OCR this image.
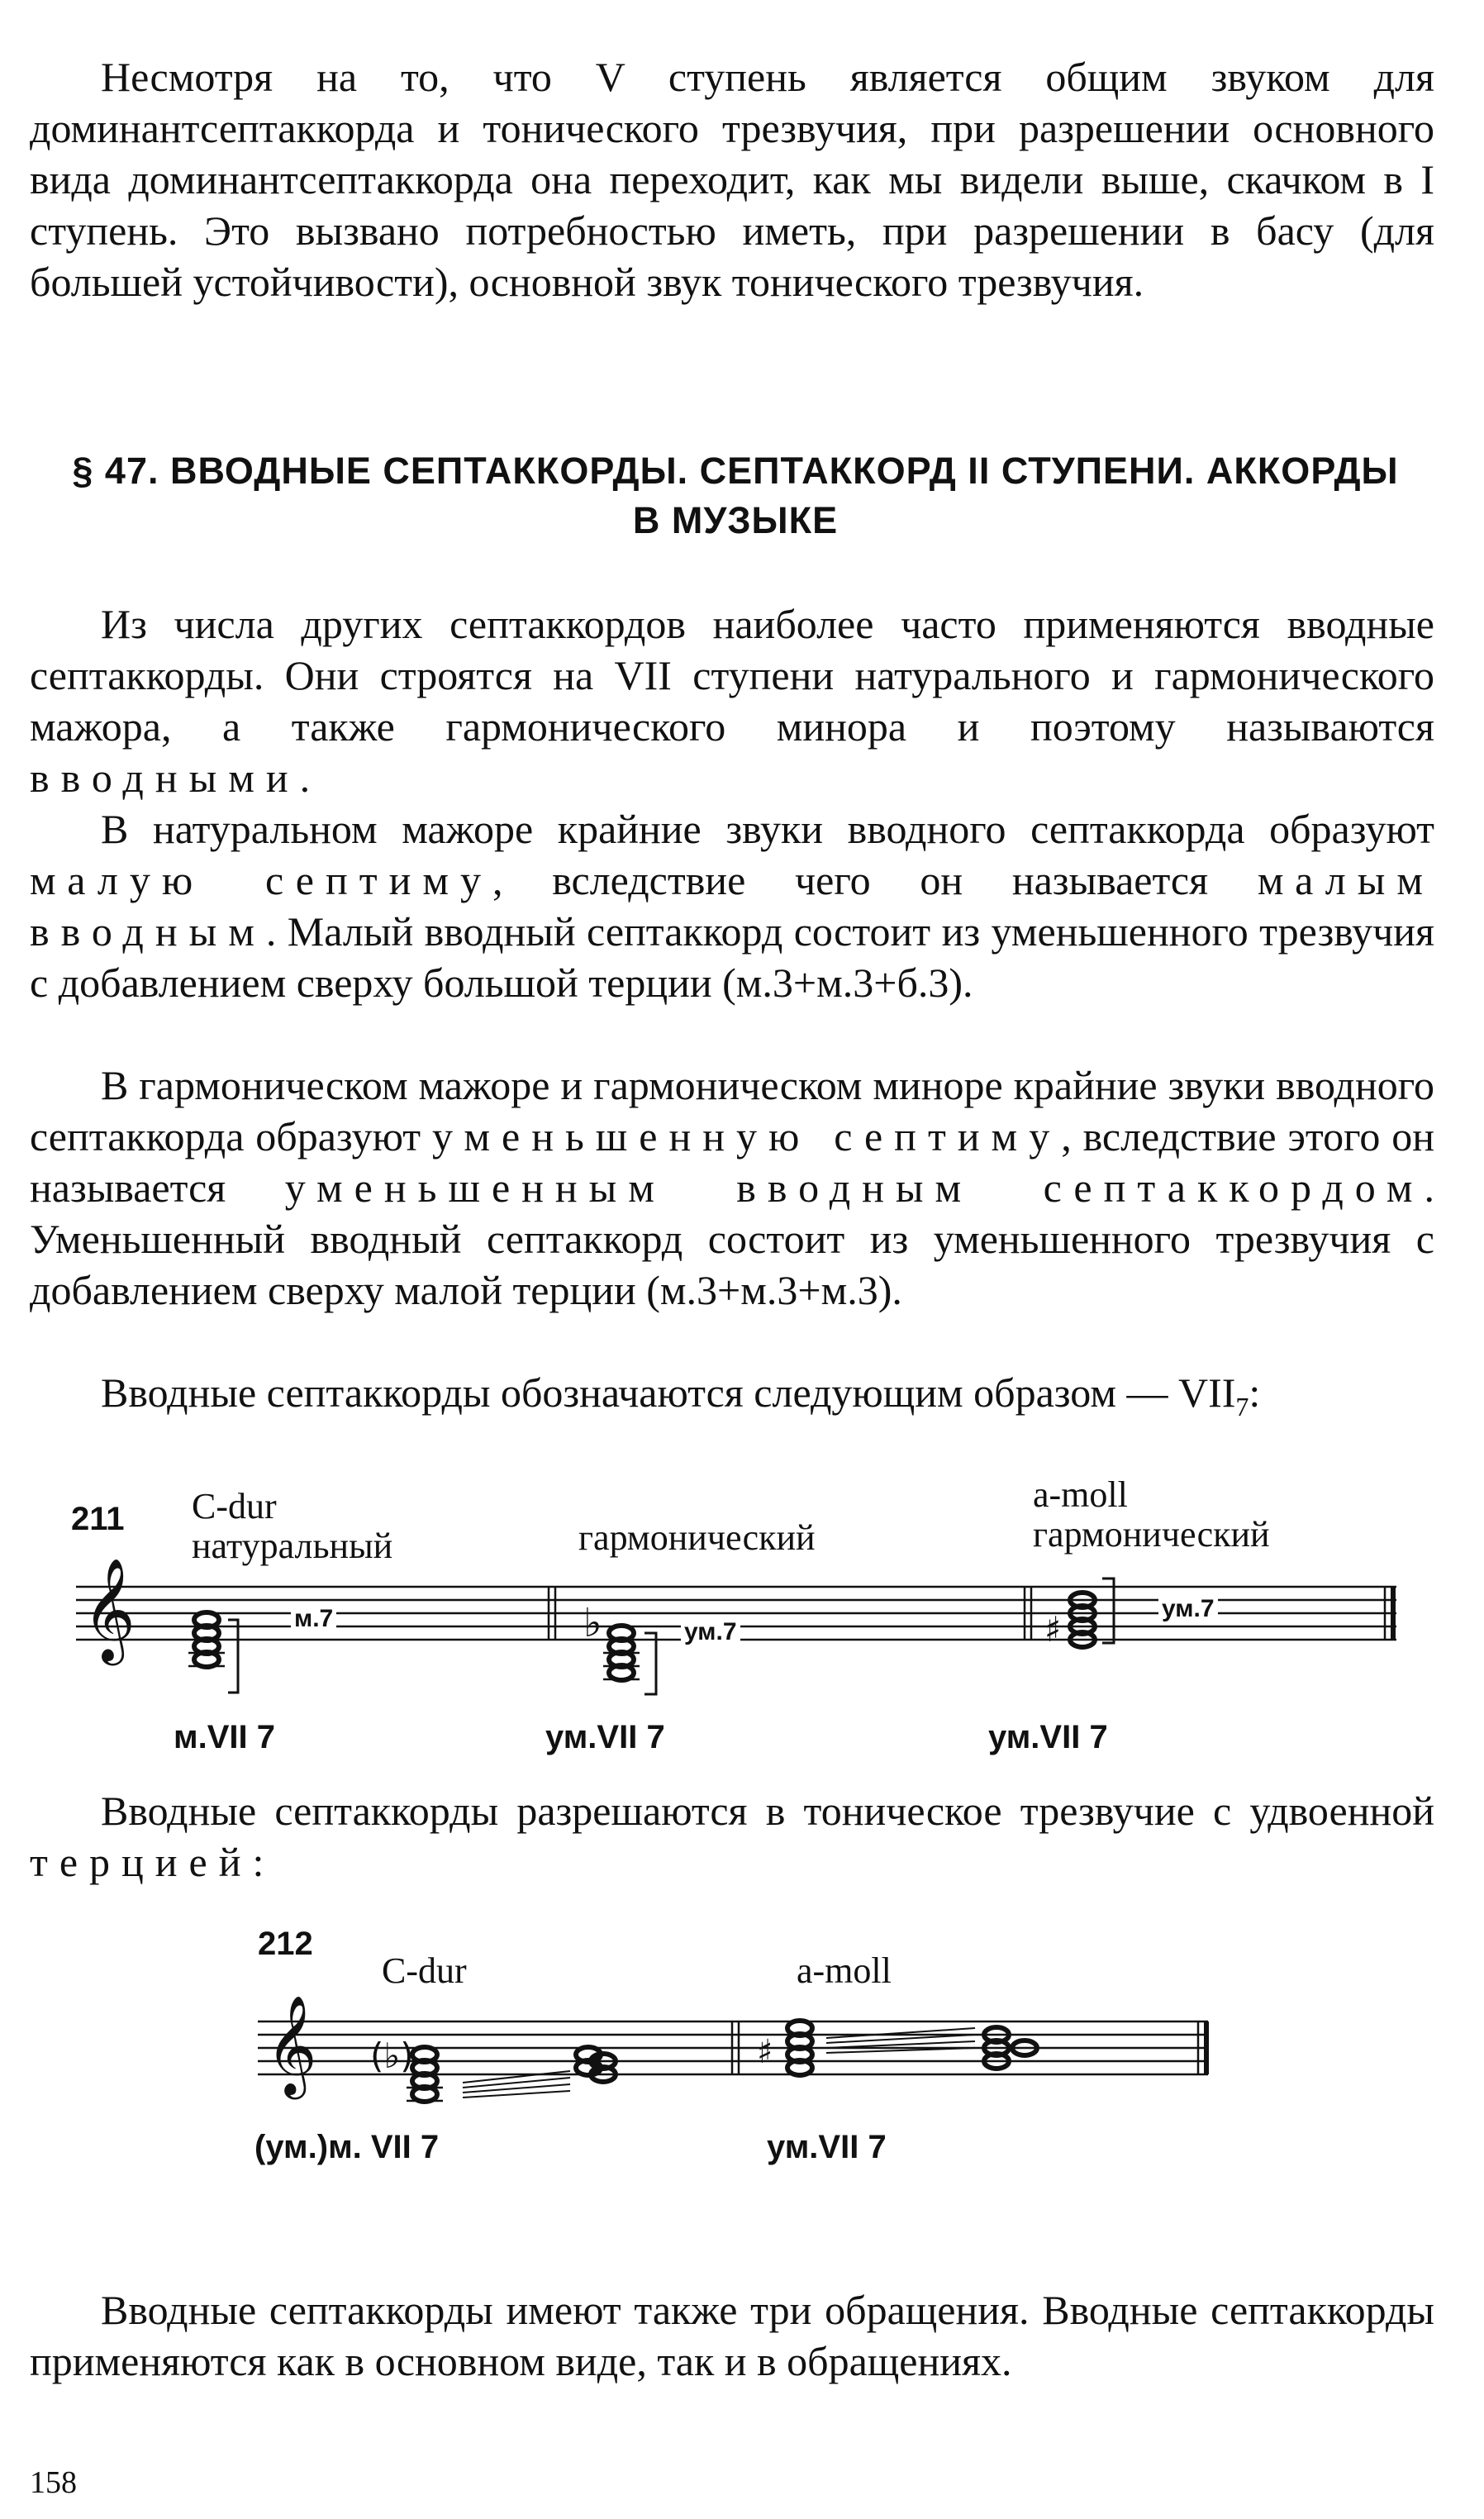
Несмотря на то, что V ступень является общим звуком для доминантсептаккорда и тонического трезвучия, при разрешении основного вида доминантсептаккорда она переходит, как мы видели выше, скачком в I ступень. Это вызвано потребностью иметь, при разрешении в басу (для большей устойчивости), основной звук тонического трезвучия.

§ 47. ВВОДНЫЕ СЕПТАККОРДЫ. СЕПТАККОРД II СТУПЕНИ. АККОРДЫ В МУЗЫКЕ

Из числа других септаккордов наиболее часто применяются вводные септаккорды. Они строятся на VII ступени натурального и гармонического мажора, а также гармонического минора и поэтому называются вводными.

В натуральном мажоре крайние звуки вводного септаккорда образуют малую септиму, вследствие чего он называется малым вводным. Малый вводный септаккорд состоит из уменьшенного трезвучия с добавлением сверху большой терции (м.3+м.3+б.3).

В гармоническом мажоре и гармоническом миноре крайние звуки вводного септаккорда образуют уменьшенную септиму, вследствие этого он называется уменьшенным вводным септаккордом. Уменьшенный вводный септаккорд состоит из уменьшенного трезвучия с добавлением сверху малой терции (м.3+м.3+м.3).

Вводные септаккорды обозначаются следующим образом — $VII_7$:

211 C-dur
натуральный	гармонический
a-moll
гармонический
𝄞	♭	♯
м.7	ум.7
ум.7
м.VII 7	ум.VII 7	ум.VII 7

Вводные септаккорды разрешаются в тоническое трезвучие с удвоенной терцией:

212
C-dur	a-moll
𝄞 (♭)	♯
(ум.)м. VII 7	ум.VII 7

Вводные септаккорды имеют также три обращения. Вводные септаккорды применяются как в основном виде, так и в обращениях.

158
